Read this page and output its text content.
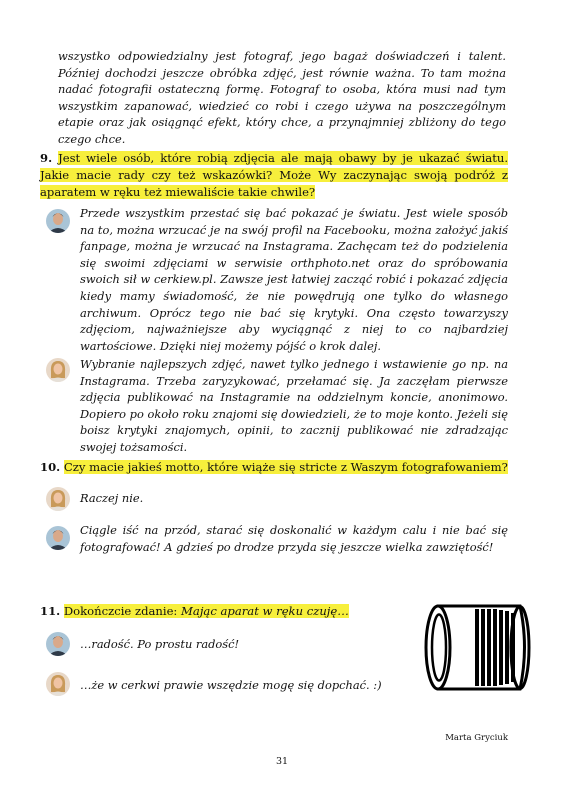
wszystko odpowiedzialny jest fotograf, jego bagaż doświadczeń i talent. Później dochodzi jeszcze obróbka zdjęć, jest równie ważna. To tam można nadać fotografii ostateczną formę. Fotograf to osoba, która musi nad tym wszystkim zapanować, wiedzieć co robi i czego używa na poszczególnym etapie oraz jak osiągnąć efekt, który chce, a przynajmniej zbliżony do tego czego chce.
9. Jest wiele osób, które robią zdjęcia ale mają obawy by je ukazać światu. Jakie macie rady czy też wskazówki? Może Wy zaczynając swoją podróż z aparatem w ręku też miewaliście takie chwile?
Przede wszystkim przestać się bać pokazać je światu. Jest wiele sposób na to, można wrzucać je na swój profil na Facebooku, można założyć jakiś fanpage, można je wrzucać na Instagrama. Zachęcam też do podzielenia się swoimi zdjęciami w serwisie orthphoto.net oraz do spróbowania swoich sił w cerkiew.pl. Zawsze jest łatwiej zacząć robić i pokazać zdjęcia kiedy mamy świadomość, że nie powędrują one tylko do własnego archiwum. Oprócz tego nie bać się krytyki. Ona często towarzyszy zdjęciom, najważniejsze aby wyciągnąć z niej to co najbardziej wartościowe. Dzięki niej możemy pójść o krok dalej.
Wybranie najlepszych zdjęć, nawet tylko jednego i wstawienie go np. na Instagrama. Trzeba zaryzykować, przełamać się. Ja zaczęłam pierwsze zdjęcia publikować na Instagramie na oddzielnym koncie, anonimowo. Dopiero po około roku znajomi się dowiedzieli, że to moje konto. Jeżeli się boisz krytyki znajomych, opinii, to zacznij publikować nie zdradzając swojej tożsamości.
10. Czy macie jakieś motto, które wiąże się stricte z Waszym fotografowaniem?
Raczej nie.
Ciągle iść na przód, starać się doskonalić w każdym calu i nie bać się fotografować! A gdzieś po drodze przyda się jeszcze wielka zawziętość!
11. Dokończcie zdanie: Mając aparat w ręku czuję…
…radość. Po prostu radość!
…że w cerkwi prawie wszędzie mogę się dopchać. :)
Marta Gryciuk
31
